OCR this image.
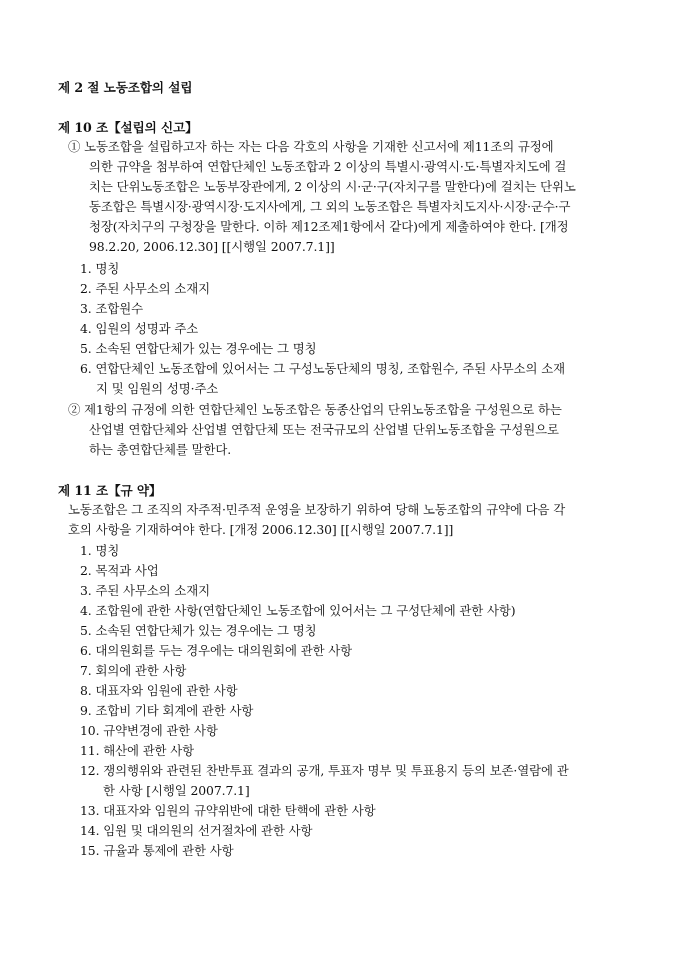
제 2 절 노동조합의 설립
제 10 조【설립의 신고】
① 노동조합을 설립하고자 하는 자는 다음 각호의 사항을 기재한 신고서에 제11조의 규정에
의한 규약을 첨부하여 연합단체인 노동조합과 2 이상의 특별시·광역시·도·특별자치도에 걸
치는 단위노동조합은 노동부장관에게, 2 이상의 시·군·구(자치구를 말한다)에 걸치는 단위노
동조합은 특별시장·광역시장·도지사에게, 그 외의 노동조합은 특별자치도지사·시장·군수·구
청장(자치구의 구청장을 말한다. 이하 제12조제1항에서 같다)에게 제출하여야 한다. [개정
98.2.20, 2006.12.30] [[시행일 2007.7.1]]
1. 명칭
2. 주된 사무소의 소재지
3. 조합원수
4. 임원의 성명과 주소
5. 소속된 연합단체가 있는 경우에는 그 명칭
6. 연합단체인 노동조합에 있어서는 그 구성노동단체의 명칭, 조합원수, 주된 사무소의 소재
지 및 임원의 성명·주소
② 제1항의 규정에 의한 연합단체인 노동조합은 동종산업의 단위노동조합을 구성원으로 하는
산업별 연합단체와 산업별 연합단체 또는 전국규모의 산업별 단위노동조합을 구성원으로
하는 총연합단체를 말한다.
제 11 조【규 약】
노동조합은 그 조직의 자주적·민주적 운영을 보장하기 위하여 당해 노동조합의 규약에 다음 각
호의 사항을 기재하여야 한다. [개정 2006.12.30] [[시행일 2007.7.1]]
1. 명칭
2. 목적과 사업
3. 주된 사무소의 소재지
4. 조합원에 관한 사항(연합단체인 노동조합에 있어서는 그 구성단체에 관한 사항)
5. 소속된 연합단체가 있는 경우에는 그 명칭
6. 대의원회를 두는 경우에는 대의원회에 관한 사항
7. 회의에 관한 사항
8. 대표자와 임원에 관한 사항
9. 조합비 기타 회계에 관한 사항
10. 규약변경에 관한 사항
11. 해산에 관한 사항
12. 쟁의행위와 관련된 찬반투표 결과의 공개, 투표자 명부 및 투표용지 등의 보존·열람에 관
한 사항 [시행일 2007.7.1]
13. 대표자와 임원의 규약위반에 대한 탄핵에 관한 사항
14. 임원 및 대의원의 선거절차에 관한 사항
15. 규율과 통제에 관한 사항
